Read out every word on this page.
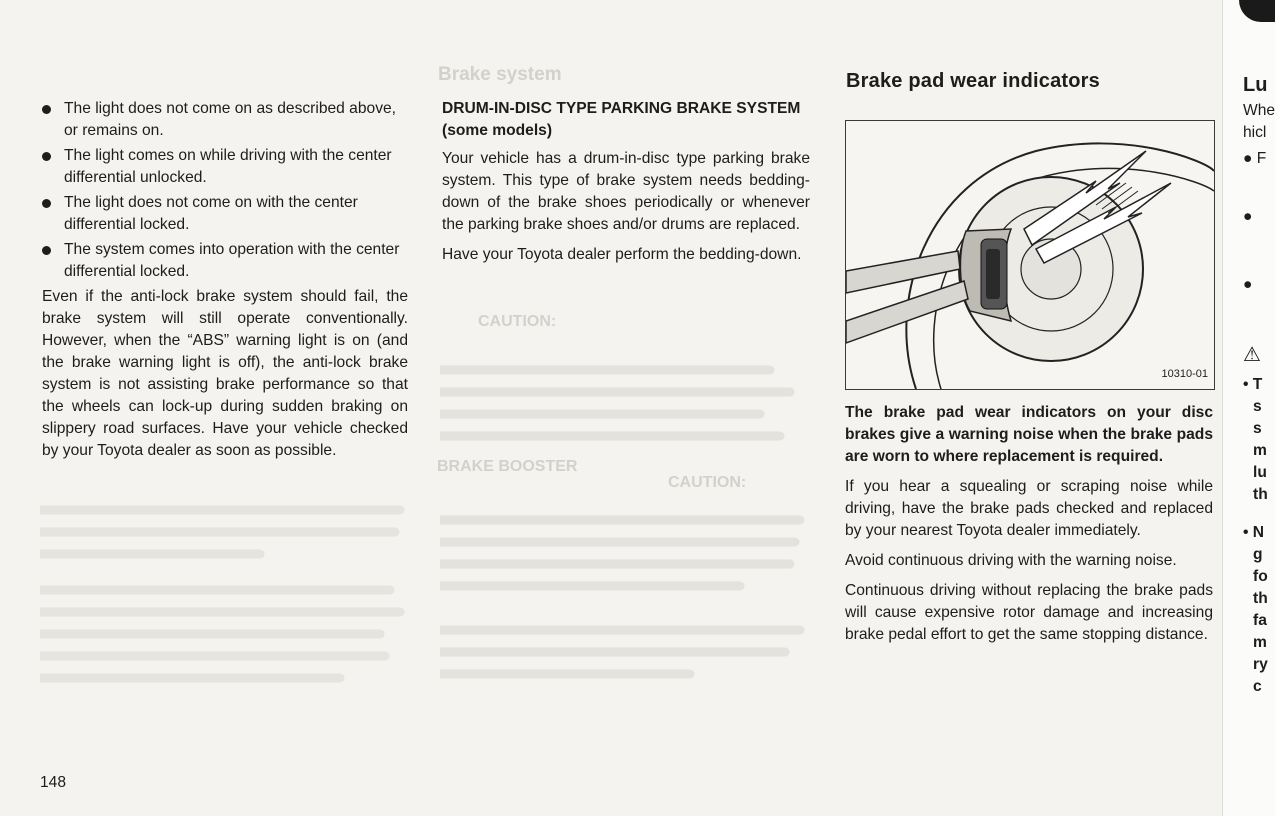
Brake system
BRAKE BOOSTER
CAUTION:
CAUTION:
The light does not come on as described above, or remains on.
The light comes on while driving with the center differential unlocked.
The light does not come on with the center differential locked.
The system comes into operation with the center differential locked.

Even if the anti-lock brake system should fail, the brake system will still operate conventionally. However, when the “ABS” warning light is on (and the brake warning light is off), the anti-lock brake system is not assisting brake performance so that the wheels can lock-up during sudden braking on slippery road surfaces. Have your vehicle checked by your Toyota dealer as soon as possible.

DRUM-IN-DISC TYPE PARKING BRAKE SYSTEM (some models)

Your vehicle has a drum-in-disc type parking brake system. This type of brake system needs bedding-down of the brake shoes periodically or whenever the parking brake shoes and/or drums are replaced.

Have your Toyota dealer perform the bedding-down.

Brake pad wear indicators
10310-01

The brake pad wear indicators on your disc brakes give a warning noise when the brake pads are worn to where replacement is required.

If you hear a squealing or scraping noise while driving, have the brake pads checked and replaced by your nearest Toyota dealer immediately.

Avoid continuous driving with the warning noise.

Continuous driving without replacing the brake pads will cause expensive rotor damage and increasing brake pedal effort to get the same stopping distance.

Lu
Whe
hicl
● F
●
●
⚠
• T
s
s
m
lu
th
• N
g
fo
th
fa
m
ry
c
148
